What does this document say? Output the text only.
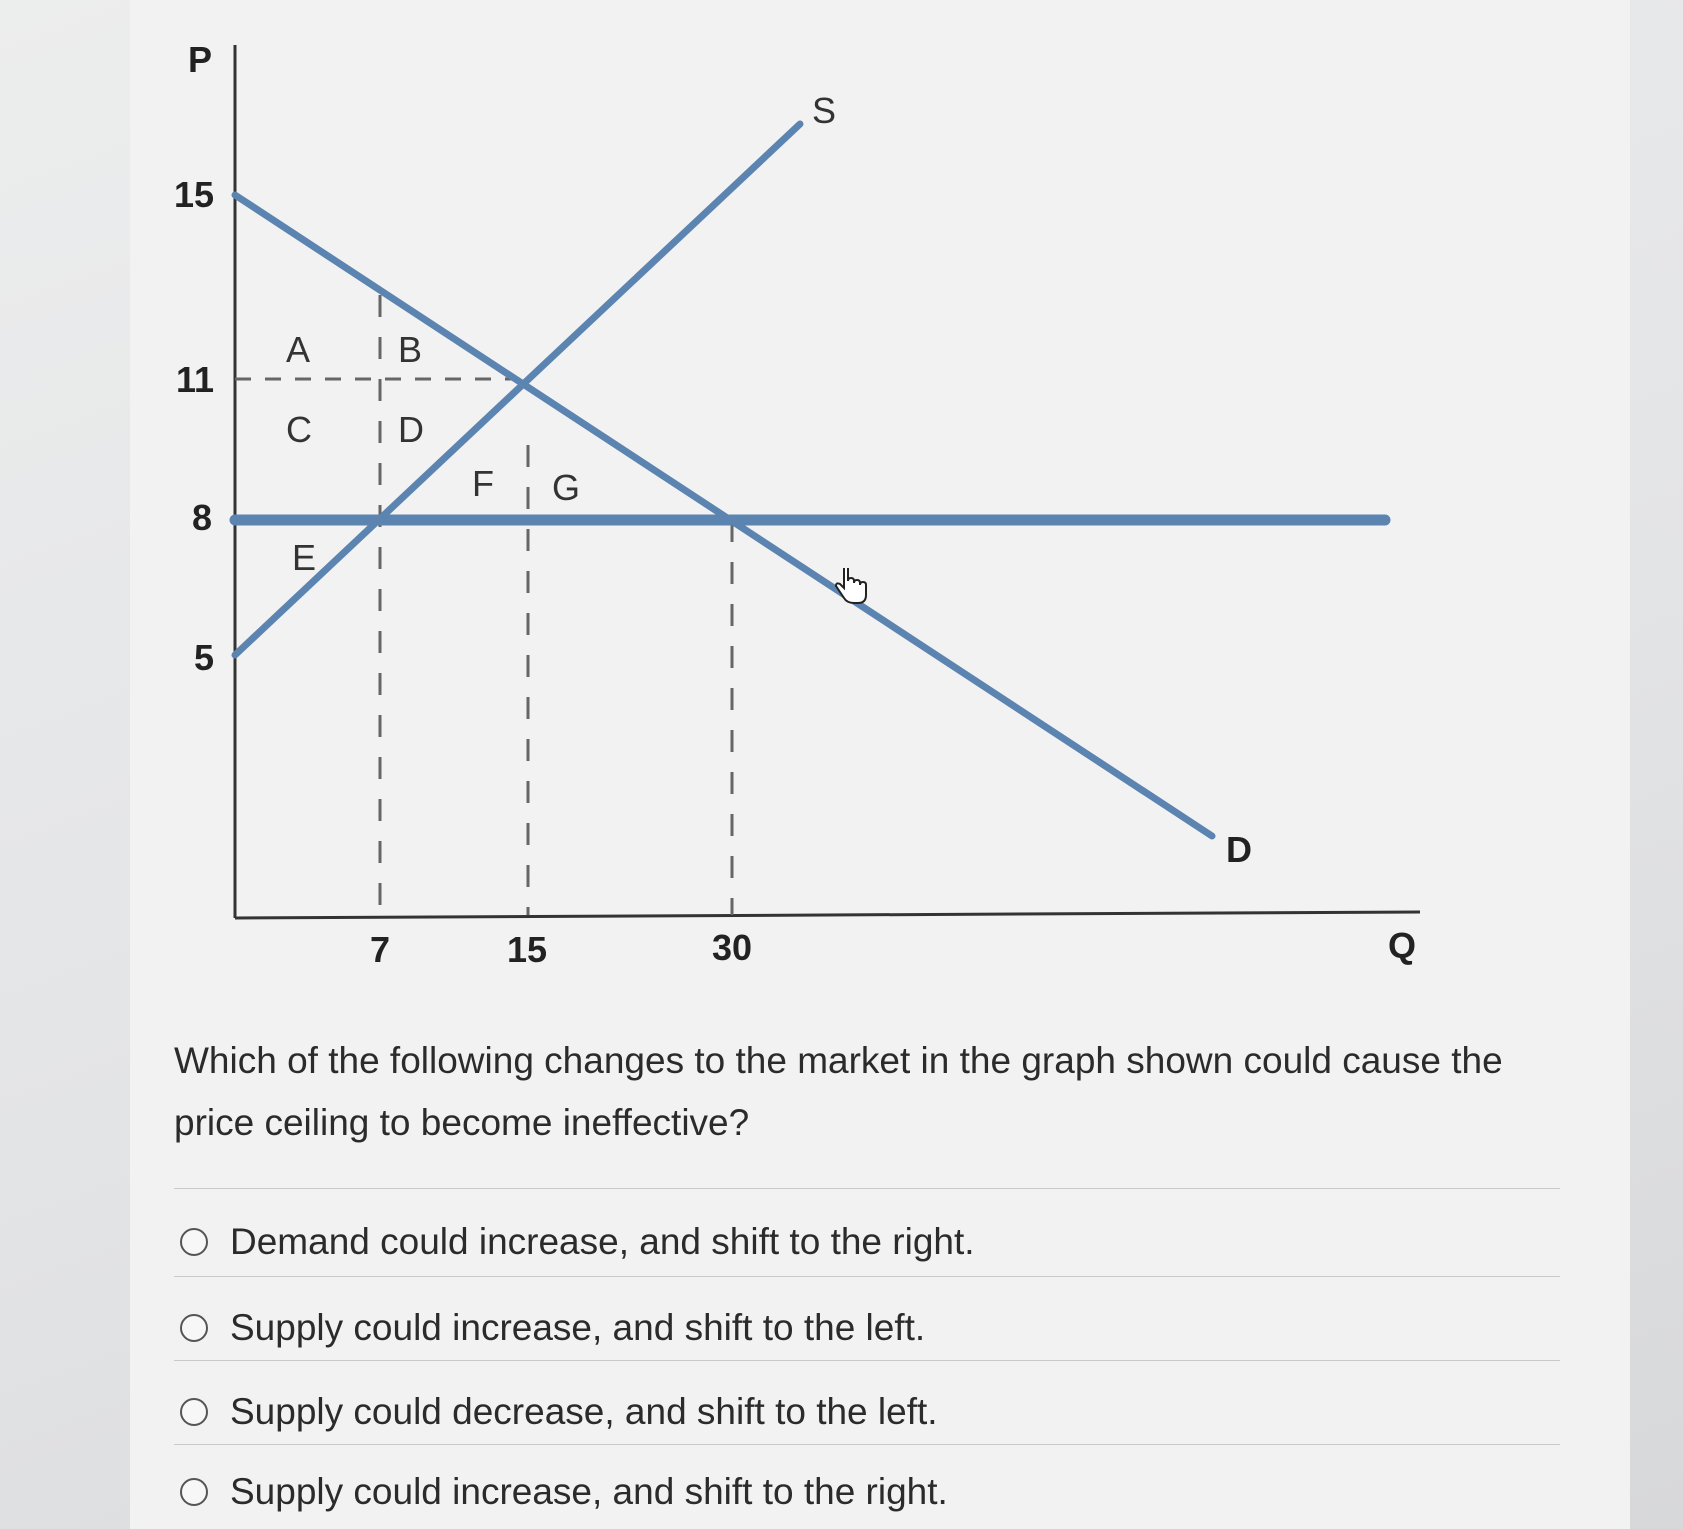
P
Q
15
11
8
5
7	15	30
S
D
A B
C D
E
F G
Which of the following changes to the market in the graph shown could cause the price ceiling to become ineffective?
Demand could increase, and shift to the right.
Supply could increase, and shift to the left.
Supply could decrease, and shift to the left.
Supply could increase, and shift to the right.
